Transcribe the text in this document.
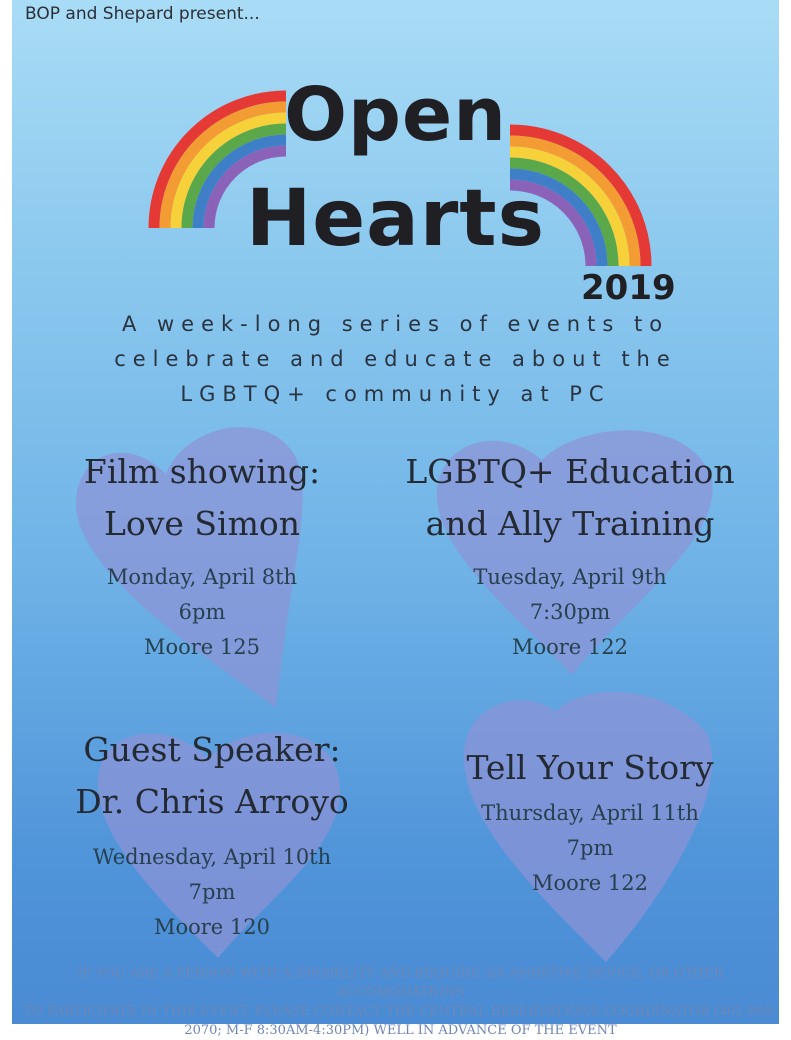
BOP and Shepard present...
Open
Hearts
2019
A week-long series of events to
celebrate and educate about the
LGBTQ+ community at PC
Film showing:
Love Simon
Monday, April 8th
6pm
Moore 125
LGBTQ+ Education
and Ally Training
Tuesday, April 9th
7:30pm
Moore 122
Guest Speaker:
Dr. Chris Arroyo
Wednesday, April 10th
7pm
Moore 120
Tell Your Story
Thursday, April 11th
7pm
Moore 122
IF YOU ARE A PERSON WITH A DISABILITY AND REQUIRE AN ASSISTIVE DEVICE, OR OTHER ACCOMODATIONS
TO PARTICIPATE IN THIS EVENT, PLEASE CONTACT THE CENTRAL RESERVATIONS COORDINATOR (401-865-
2070; M-F 8:30AM-4:30PM) WELL IN ADVANCE OF THE EVENT
